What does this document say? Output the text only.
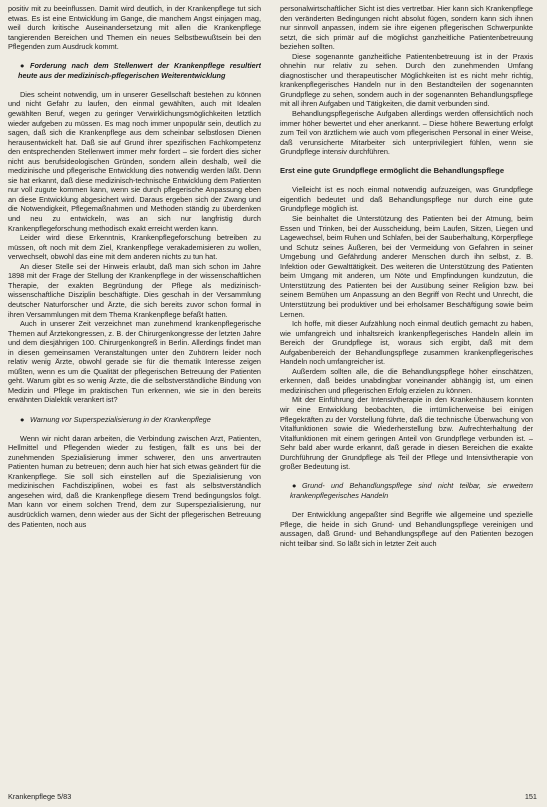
positiv mit zu beeinflussen. Damit wird deutlich, in der Krankenpflege tut sich etwas. Es ist eine Entwicklung im Gange, die manchem Angst einjagen mag, weil durch kritische Auseinandersetzung mit allen die Krankenpflege tangierenden Bereichen und Themen ein neues Selbstbewußtsein bei den Pflegenden zum Ausdruck kommt.

● Forderung nach dem Stellenwert der Krankenpflege resultiert heute aus der medizinisch-pflegerischen Weiterentwicklung

Dies scheint notwendig, um in unserer Gesellschaft bestehen zu können und nicht Gefahr zu laufen, den einmal gewählten, auch mit Idealen gewählten Beruf, wegen zu geringer Verwirklichungsmöglichkeiten letztlich wieder aufgeben zu müssen. Es mag noch immer unpopulär sein, deutlich zu sagen, daß sich die Krankenpflege aus dem scheinbar selbstlosen Dienen herausentwickelt hat. Daß sie auf Grund ihrer spezifischen Fachkompetenz den entsprechenden Stellenwert immer mehr fordert – sie fordert dies sicher nicht aus berufsideologischen Gründen, sondern allein deshalb, weil die medizinische und pflegerische Entwicklung dies notwendig werden läßt. Denn sie hat erkannt, daß diese medizinisch-technische Entwicklung dem Patienten nur voll zugute kommen kann, wenn sie durch pflegerische Anpassung eben an diese Entwicklung abgesichert wird. Daraus ergeben sich der Zwang und die Notwendigkeit, Pflegemaßnahmen und Methoden ständig zu überdenken und neu zu entwickeln, was an sich nur langfristig durch Krankenpflegeforschung methodisch exakt erreicht werden kann.

Leider wird diese Erkenntnis, Krankenpflegeforschung betreiben zu müssen, oft noch mit dem Ziel, Krankenpflege verakademisieren zu wollen, verwechselt, obwohl das eine mit dem anderen nichts zu tun hat.

An dieser Stelle sei der Hinweis erlaubt, daß man sich schon im Jahre 1898 mit der Frage der Stellung der Krankenpflege in der wissenschaftlichen Therapie, der exakten Begründung der Pflege als medizinisch-wissenschaftliche Disziplin beschäftigte. Dies geschah in der Versammlung deutscher Naturforscher und Ärzte, die sich bereits zuvor schon formal in ihren Versammlungen mit dem Thema Krankenpflege befaßt hatten.

Auch in unserer Zeit verzeichnet man zunehmend krankenpflegerische Themen auf Ärztekongressen, z. B. der Chirurgenkongresse der letzten Jahre und dem diesjährigen 100. Chirurgenkongreß in Berlin. Allerdings findet man in diesen gemeinsamen Veranstaltungen unter den Zuhörern leider noch relativ wenig Ärzte, obwohl gerade sie für die thematik Interesse zeigen müßten, wenn es um die Qualität der pflegerischen Betreuung der Patienten geht. Warum gibt es so wenig Ärzte, die die selbstverständliche Bindung von Medizin und Pflege im praktischen Tun erkennen, wie sie in den bereits erwähnten Dialektik verankert ist?

● Warnung vor Superspezialisierung in der Krankenpflege

Wenn wir nicht daran arbeiten, die Verbindung zwischen Arzt, Patienten, Hellmittel und Pflegenden wieder zu festigen, fällt es uns bei der zunehmenden Spezialisierung immer schwerer, den uns anvertrauten Patienten human zu betreuen; denn auch hier hat sich etwas geändert für die Krankenpflege. Sie soll sich einstellen auf die Spezialisierung von medizinischen Fachdisziplinen, wobei es fast als selbstverständlich angesehen wird, daß die Krankenpflege diesem Trend bedingungslos folgt. Man kann vor einem solchen Trend, dem zur Superspezialisierung, nur ausdrücklich warnen, denn wieder aus der Sicht der pflegerischen Betreuung des Patienten, noch aus

personalwirtschaftlicher Sicht ist dies vertretbar. Hier kann sich Krankenpflege den veränderten Bedingungen nicht absolut fügen, sondern kann sich ihnen nur sinnvoll anpassen, indem sie ihre eigenen pflegerischen Schwerpunkte setzt, die sich primär auf die möglichst ganzheitliche Patientenbetreuung beziehen sollten.

Diese sogenannte ganzheitliche Patientenbetreuung ist in der Praxis ohnehin nur relativ zu sehen. Durch den zunehmenden Umfang diagnostischer und therapeutischer Möglichkeiten ist es nicht mehr richtig, krankenpflegerisches Handeln nur in den Bestandteilen der sogenannten Grundpflege zu sehen, sondern auch in der sogenannten Behandlungspflege mit all ihren Aufgaben und Tätigkeiten, die damit verbunden sind.

Behandlungspflegerische Aufgaben allerdings werden offensichtlich noch immer höher bewertet und eher anerkannt. – Diese höhere Bewertung erfolgt zum Teil von ärztlichem wie auch vom pflegerischen Personal in einer Weise, daß verunsicherte Mitarbeiter sich unterprivilegiert fühlen, wenn sie Grundpflege intensiv durchführen.

Erst eine gute Grundpflege ermöglicht die Behandlungspflege

Vielleicht ist es noch einmal notwendig aufzuzeigen, was Grundpflege eigentlich bedeutet und daß Behandlungspflege nur durch eine gute Grundpflege möglich ist.

Sie beinhaltet die Unterstützung des Patienten bei der Atmung, beim Essen und Trinken, bei der Ausscheidung, beim Laufen, Sitzen, Liegen und Lagewechsel, beim Ruhen und Schlafen, bei der Sauberhaltung, Körperpflege und Schutz seines Äußeren, bei der Vermeidung von Gefahren in seiner Umgebung und Gefährdung anderer Menschen durch ihn selbst, z. B. Infektion oder Gewalttätigkeit. Des weiteren die Unterstützung des Patienten beim Umgang mit anderen, um Nöte und Empfindungen kundzutun, die Unterstützung des Patienten bei der Ausübung seiner Religion bzw. bei seinem Bemühen um Anpassung an den Begriff von Recht und Unrecht, die Unterstützung bei produktiver und bei erholsamer Beschäftigung sowie beim Lernen.

Ich hoffe, mit dieser Aufzählung noch einmal deutlich gemacht zu haben, wie umfangreich und inhaltsreich krankenpflegerisches Handeln allein im Bereich der Grundpflege ist, woraus sich ergibt, daß mit dem Aufgabenbereich der Behandlungspflege zusammen krankenpflegerisches Handeln noch umfangreicher ist.

Außerdem sollten alle, die die Behandlungspflege höher einschätzen, erkennen, daß beides unabdingbar voneinander abhängig ist, um einen medizinischen und pflegerischen Erfolg erzielen zu können.

Mit der Einführung der Intensivtherapie in den Krankenhäusern konnten wir eine Entwicklung beobachten, die irrtümlicherweise bei einigen Pflegekräften zu der Vorstellung führte, daß die technische Überwachung von Vitalfunktionen sowie die Wiederherstellung bzw. Aufrechterhaltung der Vitalfunktionen mit einem geringen Anteil von Grundpflege verbunden ist. – Sehr bald aber wurde erkannt, daß gerade in diesen Bereichen die exakte Durchführung der Grundpflege als Teil der Pflege und Intensivtherapie von großer Bedeutung ist.

● Grund- und Behandlungspflege sind nicht teilbar, sie erweitern krankenpflegerisches Handeln

Der Entwicklung angepaßter sind Begriffe wie allgemeine und spezielle Pflege, die heide in sich Grund- und Behandlungspflege vereinigen und aussagen, daß Grund- und Behandlungspflege auf den Patienten bezogen nicht teilbar sind. So läßt sich in letzter Zeit auch

Krankenpflege 5/83	151
